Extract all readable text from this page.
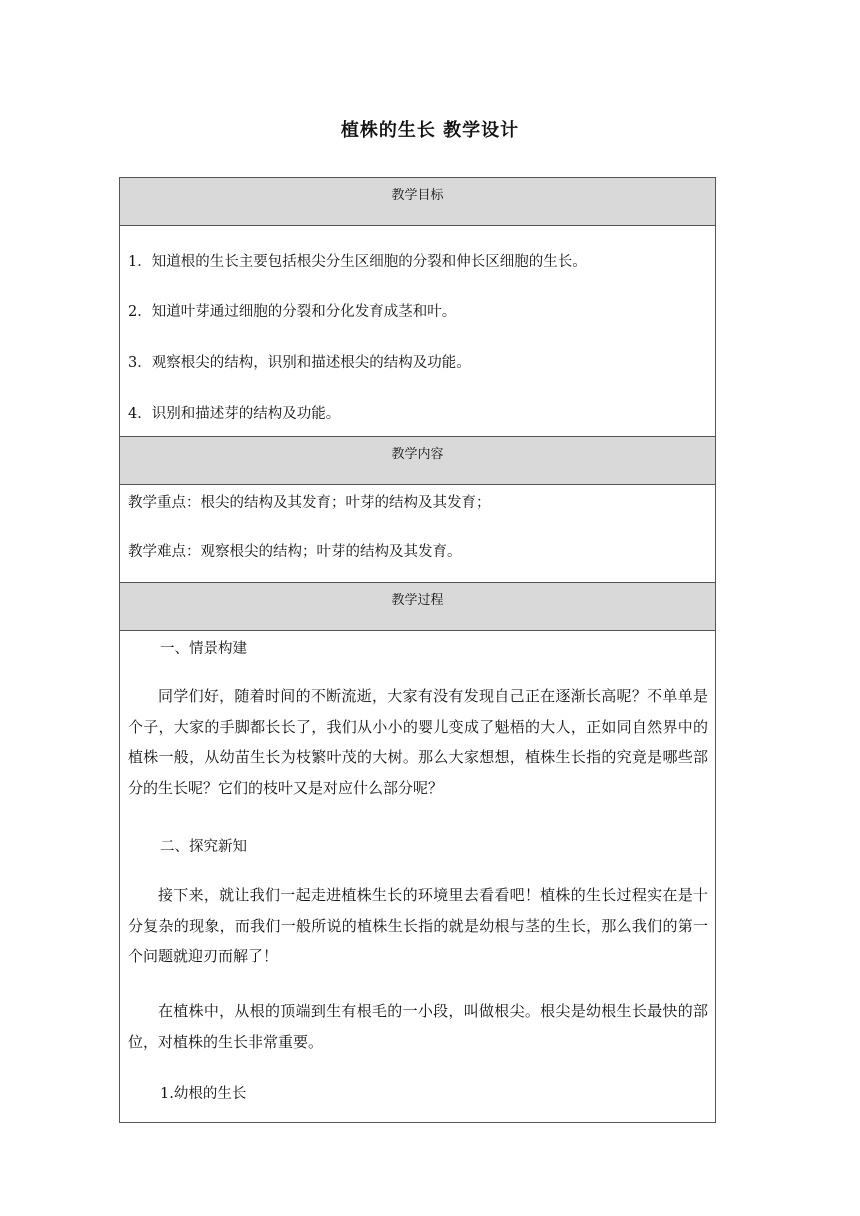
植株的生长 教学设计
教学目标
1．知道根的生长主要包括根尖分生区细胞的分裂和伸长区细胞的生长。
2．知道叶芽通过细胞的分裂和分化发育成茎和叶。
3．观察根尖的结构，识别和描述根尖的结构及功能。
4．识别和描述芽的结构及功能。
教学内容
教学重点：根尖的结构及其发育；叶芽的结构及其发育；
教学难点：观察根尖的结构；叶芽的结构及其发育。
教学过程
一、情景构建
同学们好，随着时间的不断流逝，大家有没有发现自己正在逐渐长高呢？不单单是个子，大家的手脚都长长了，我们从小小的婴儿变成了魁梧的大人，正如同自然界中的植株一般，从幼苗生长为枝繁叶茂的大树。那么大家想想，植株生长指的究竟是哪些部分的生长呢？它们的枝叶又是对应什么部分呢？
二、探究新知
接下来，就让我们一起走进植株生长的环境里去看看吧！植株的生长过程实在是十分复杂的现象，而我们一般所说的植株生长指的就是幼根与茎的生长，那么我们的第一个问题就迎刃而解了！
在植株中，从根的顶端到生有根毛的一小段，叫做根尖。根尖是幼根生长最快的部位，对植株的生长非常重要。
1.幼根的生长
